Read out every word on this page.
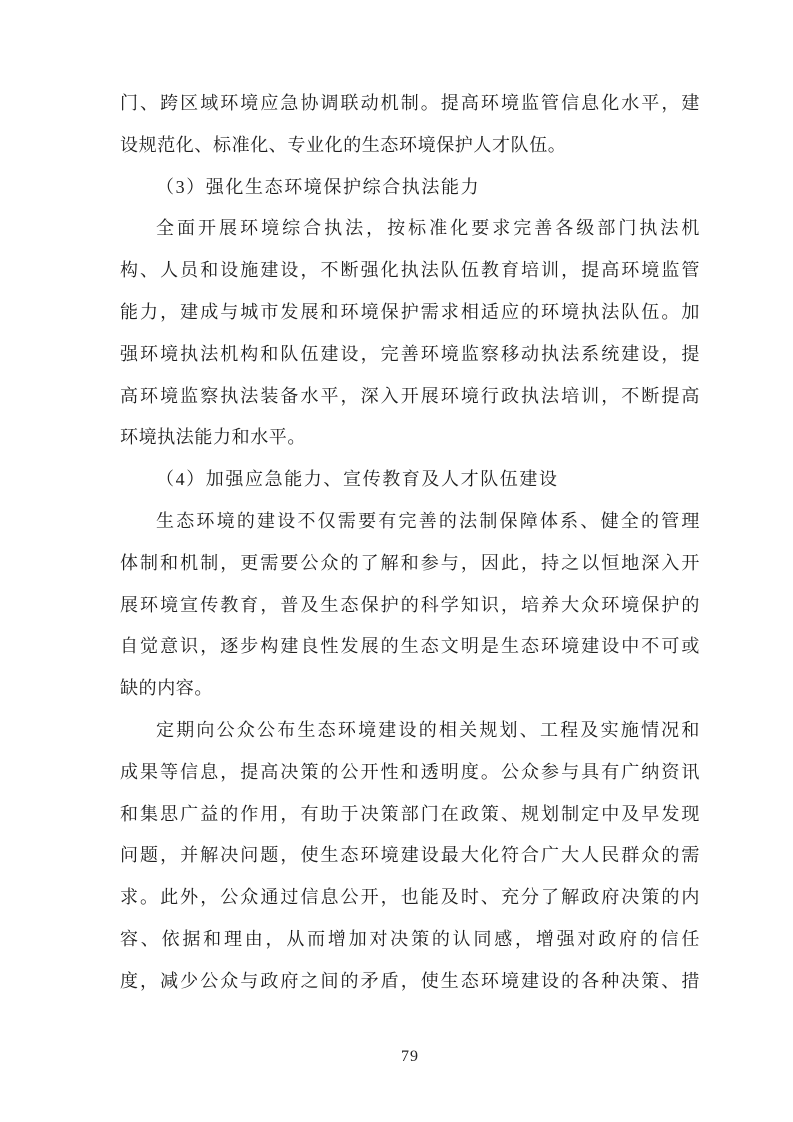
门、跨区域环境应急协调联动机制。提高环境监管信息化水平，建
设规范化、标准化、专业化的生态环境保护人才队伍。
（3）强化生态环境保护综合执法能力
全面开展环境综合执法，按标准化要求完善各级部门执法机
构、人员和设施建设，不断强化执法队伍教育培训，提高环境监管
能力，建成与城市发展和环境保护需求相适应的环境执法队伍。加
强环境执法机构和队伍建设，完善环境监察移动执法系统建设，提
高环境监察执法装备水平，深入开展环境行政执法培训，不断提高
环境执法能力和水平。
（4）加强应急能力、宣传教育及人才队伍建设
生态环境的建设不仅需要有完善的法制保障体系、健全的管理
体制和机制，更需要公众的了解和参与，因此，持之以恒地深入开
展环境宣传教育，普及生态保护的科学知识，培养大众环境保护的
自觉意识，逐步构建良性发展的生态文明是生态环境建设中不可或
缺的内容。
定期向公众公布生态环境建设的相关规划、工程及实施情况和
成果等信息，提高决策的公开性和透明度。公众参与具有广纳资讯
和集思广益的作用，有助于决策部门在政策、规划制定中及早发现
问题，并解决问题，使生态环境建设最大化符合广大人民群众的需
求。此外，公众通过信息公开，也能及时、充分了解政府决策的内
容、依据和理由，从而增加对决策的认同感，增强对政府的信任
度，减少公众与政府之间的矛盾，使生态环境建设的各种决策、措
79
